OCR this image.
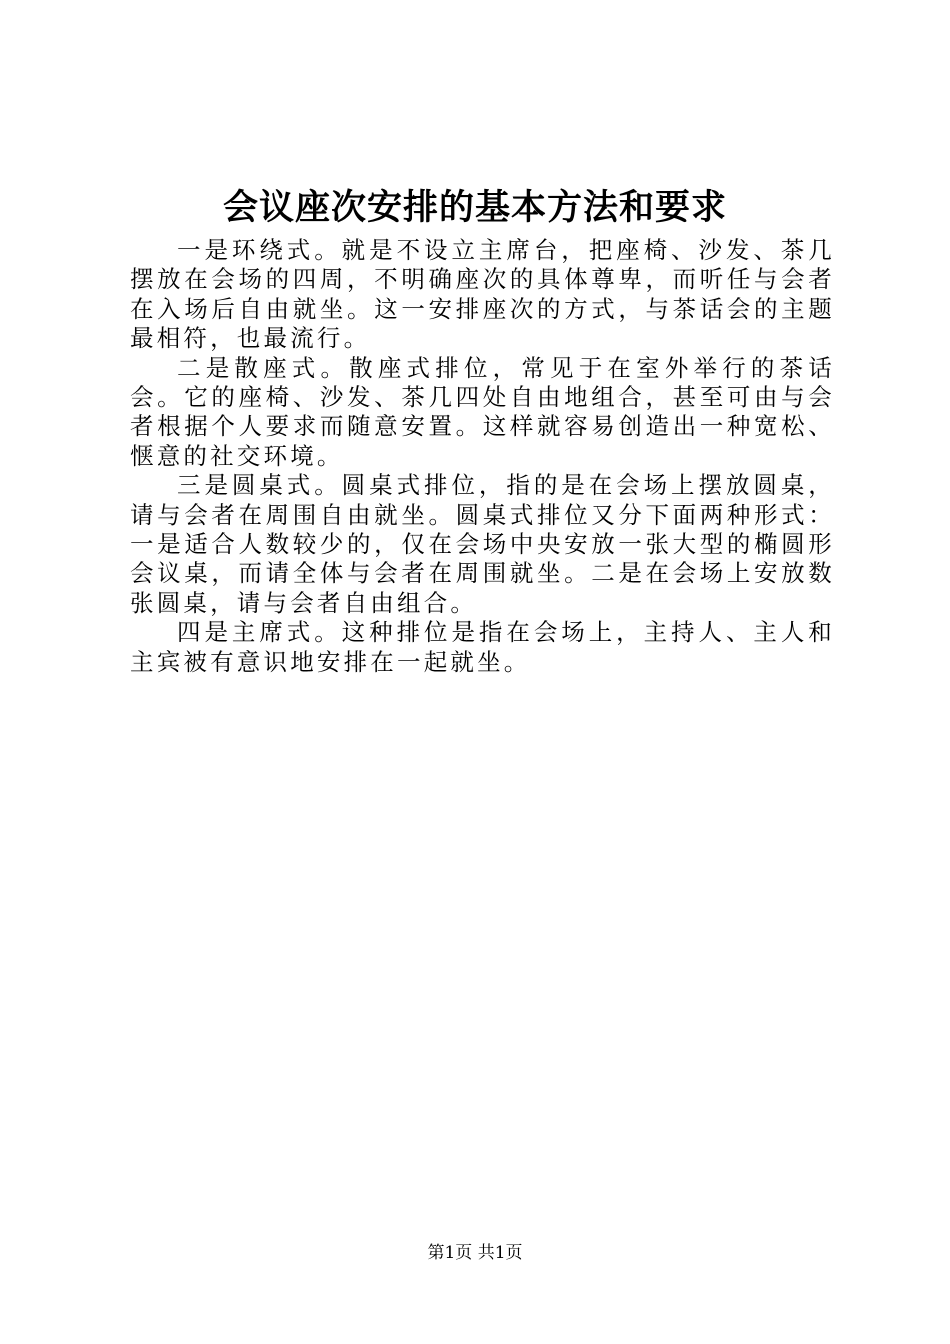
会议座次安排的基本方法和要求

一是环绕式。就是不设立主席台，把座椅、沙发、茶几摆放在会场的四周，不明确座次的具体尊卑，而听任与会者在入场后自由就坐。这一安排座次的方式，与茶话会的主题最相符，也最流行。

二是散座式。散座式排位，常见于在室外举行的茶话会。它的座椅、沙发、茶几四处自由地组合，甚至可由与会者根据个人要求而随意安置。这样就容易创造出一种宽松、惬意的社交环境。

三是圆桌式。圆桌式排位，指的是在会场上摆放圆桌，请与会者在周围自由就坐。圆桌式排位又分下面两种形式：一是适合人数较少的，仅在会场中央安放一张大型的椭圆形会议桌，而请全体与会者在周围就坐。二是在会场上安放数张圆桌，请与会者自由组合。

四是主席式。这种排位是指在会场上，主持人、主人和主宾被有意识地安排在一起就坐。

第1页 共1页
